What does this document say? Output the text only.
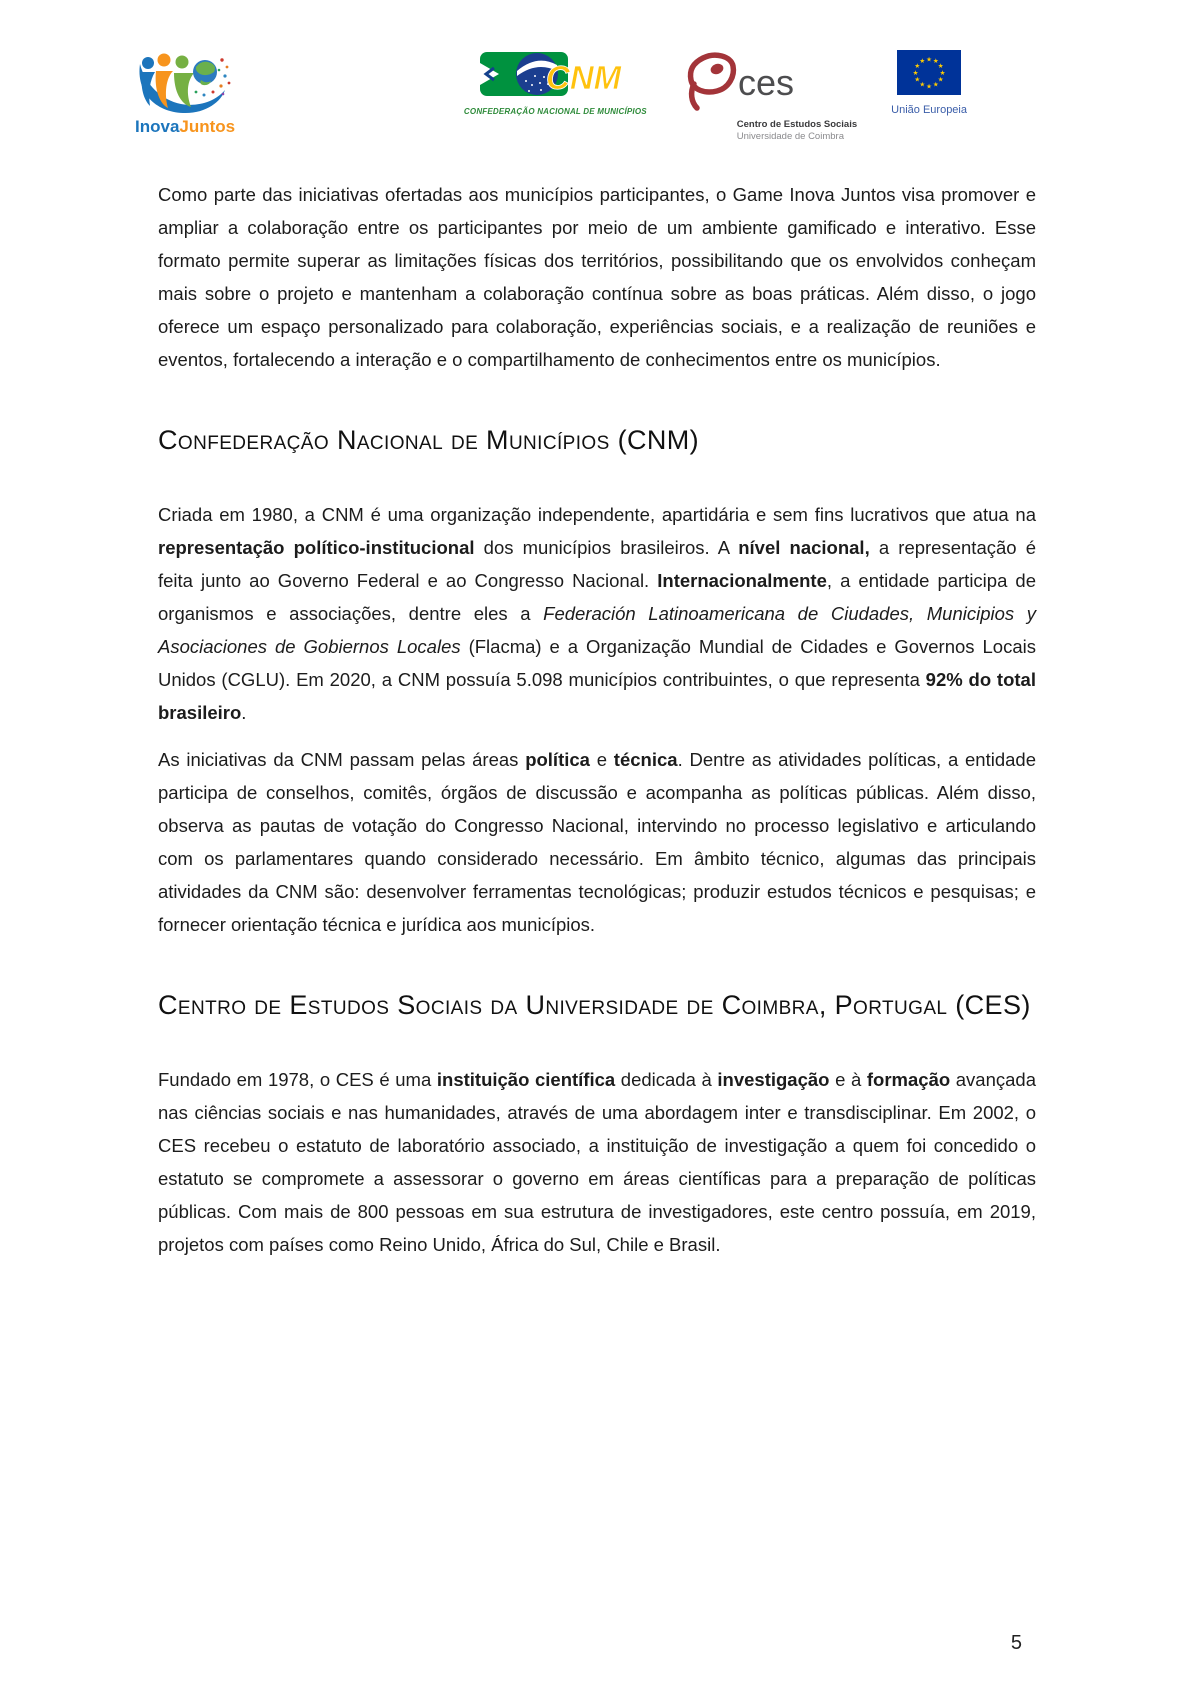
InovaJuntos
CNM
CONFEDERAÇÃO NACIONAL DE MUNICÍPIOS
ces
Centro de Estudos Sociais
Universidade de Coimbra
★ ★
★
★
★
★
★
★
★
★
★
★
União Europeia

Como parte das iniciativas ofertadas aos municípios participantes, o Game Inova Juntos visa promover e ampliar a colaboração entre os participantes por meio de um ambiente gamificado e interativo. Esse formato permite superar as limitações físicas dos territórios, possibilitando que os envolvidos conheçam mais sobre o projeto e mantenham a colaboração contínua sobre as boas práticas. Além disso, o jogo oferece um espaço personalizado para colaboração, experiências sociais, e a realização de reuniões e eventos, fortalecendo a interação e o compartilhamento de conhecimentos entre os municípios.

Confederação Nacional de Municípios (CNM)

Criada em 1980, a CNM é uma organização independente, apartidária e sem fins lucrativos que atua na representação político-institucional dos municípios brasileiros. A nível nacional, a representação é feita junto ao Governo Federal e ao Congresso Nacional. Internacionalmente, a entidade participa de organismos e associações, dentre eles a Federación Latinoamericana de Ciudades, Municipios y Asociaciones de Gobiernos Locales (Flacma) e a Organização Mundial de Cidades e Governos Locais Unidos (CGLU). Em 2020, a CNM possuía 5.098 municípios contribuintes, o que representa 92% do total brasileiro.

As iniciativas da CNM passam pelas áreas política e técnica. Dentre as atividades políticas, a entidade participa de conselhos, comitês, órgãos de discussão e acompanha as políticas públicas. Além disso, observa as pautas de votação do Congresso Nacional, intervindo no processo legislativo e articulando com os parlamentares quando considerado necessário. Em âmbito técnico, algumas das principais atividades da CNM são: desenvolver ferramentas tecnológicas; produzir estudos técnicos e pesquisas; e fornecer orientação técnica e jurídica aos municípios.

Centro de Estudos Sociais da Universidade de Coimbra, Portugal (CES)

Fundado em 1978, o CES é uma instituição científica dedicada à investigação e à formação avançada nas ciências sociais e nas humanidades, através de uma abordagem inter e transdisciplinar. Em 2002, o CES recebeu o estatuto de laboratório associado, a instituição de investigação a quem foi concedido o estatuto se compromete a assessorar o governo em áreas científicas para a preparação de políticas públicas. Com mais de 800 pessoas em sua estrutura de investigadores, este centro possuía, em 2019, projetos com países como Reino Unido, África do Sul, Chile e Brasil.

5
